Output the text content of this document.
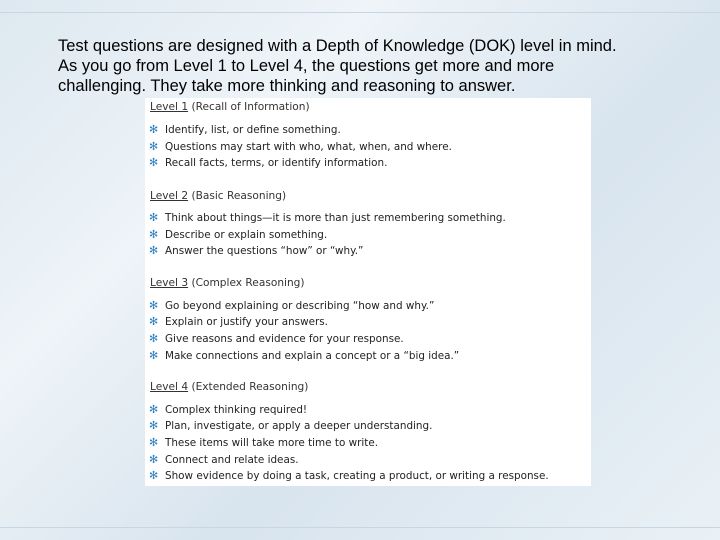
Test questions are designed with a Depth of Knowledge (DOK) level in mind.
As you go from Level 1 to Level 4, the questions get more and more
challenging. They take more thinking and reasoning to answer.
Level 1 (Recall of Information)
✻ Identify, list, or define something.
✻ Questions may start with who, what, when, and where.
✻ Recall facts, terms, or identify information.
Level 2 (Basic Reasoning)
✻ Think about things—it is more than just remembering something.
✻ Describe or explain something.
✻ Answer the questions “how” or “why.”
Level 3 (Complex Reasoning)
✻ Go beyond explaining or describing “how and why.”
✻ Explain or justify your answers.
✻ Give reasons and evidence for your response.
✻ Make connections and explain a concept or a “big idea.”
Level 4 (Extended Reasoning)
✻ Complex thinking required!
✻ Plan, investigate, or apply a deeper understanding.
✻ These items will take more time to write.
✻ Connect and relate ideas.
✻ Show evidence by doing a task, creating a product, or writing a response.
